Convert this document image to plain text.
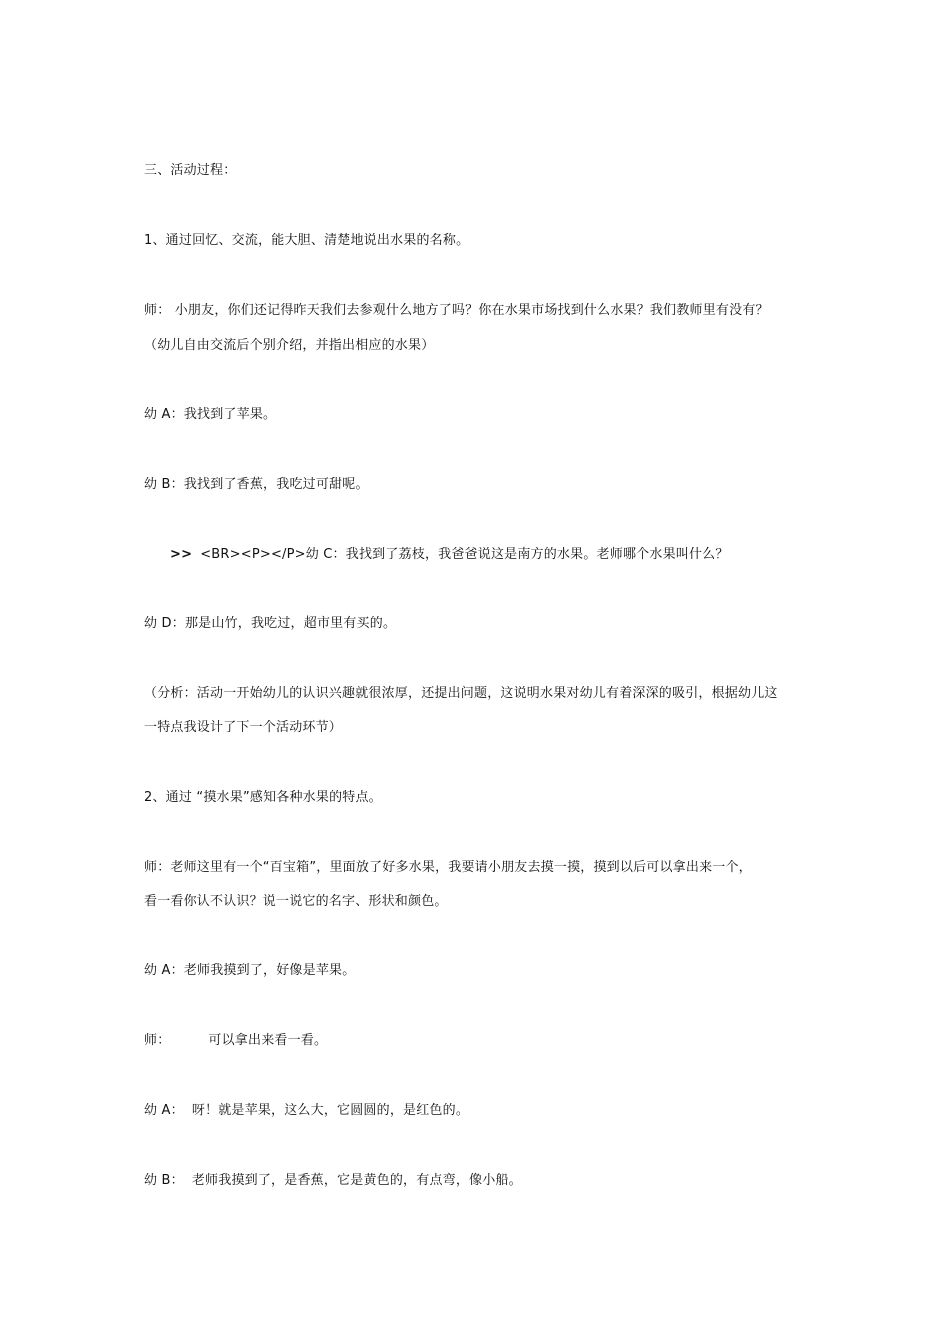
三、活动过程：
1、通过回忆、交流，能大胆、清楚地说出水果的名称。
师： 小朋友，你们还记得昨天我们去参观什么地方了吗？你在水果市场找到什么水果？我们教师里有没有？
（幼儿自由交流后个别介绍，并指出相应的水果）
幼 A：我找到了苹果。
幼 B：我找到了香蕉，我吃过可甜呢。
>> <BR><P></P>幼 C：我找到了荔枝，我爸爸说这是南方的水果。老师哪个水果叫什么？
幼 D：那是山竹，我吃过，超市里有买的。
（分析：活动一开始幼儿的认识兴趣就很浓厚，还提出问题，这说明水果对幼儿有着深深的吸引，根据幼儿这
一特点我设计了下一个活动环节）
2、通过 “摸水果”感知各种水果的特点。
师：老师这里有一个“百宝箱”，里面放了好多水果，我要请小朋友去摸一摸，摸到以后可以拿出来一个，
看一看你认不认识？说一说它的名字、形状和颜色。
幼 A：老师我摸到了，好像是苹果。
师：	可以拿出来看一看。
幼 A： 呀！就是苹果，这么大，它圆圆的，是红色的。
幼 B： 老师我摸到了，是香蕉，它是黄色的，有点弯，像小船。
